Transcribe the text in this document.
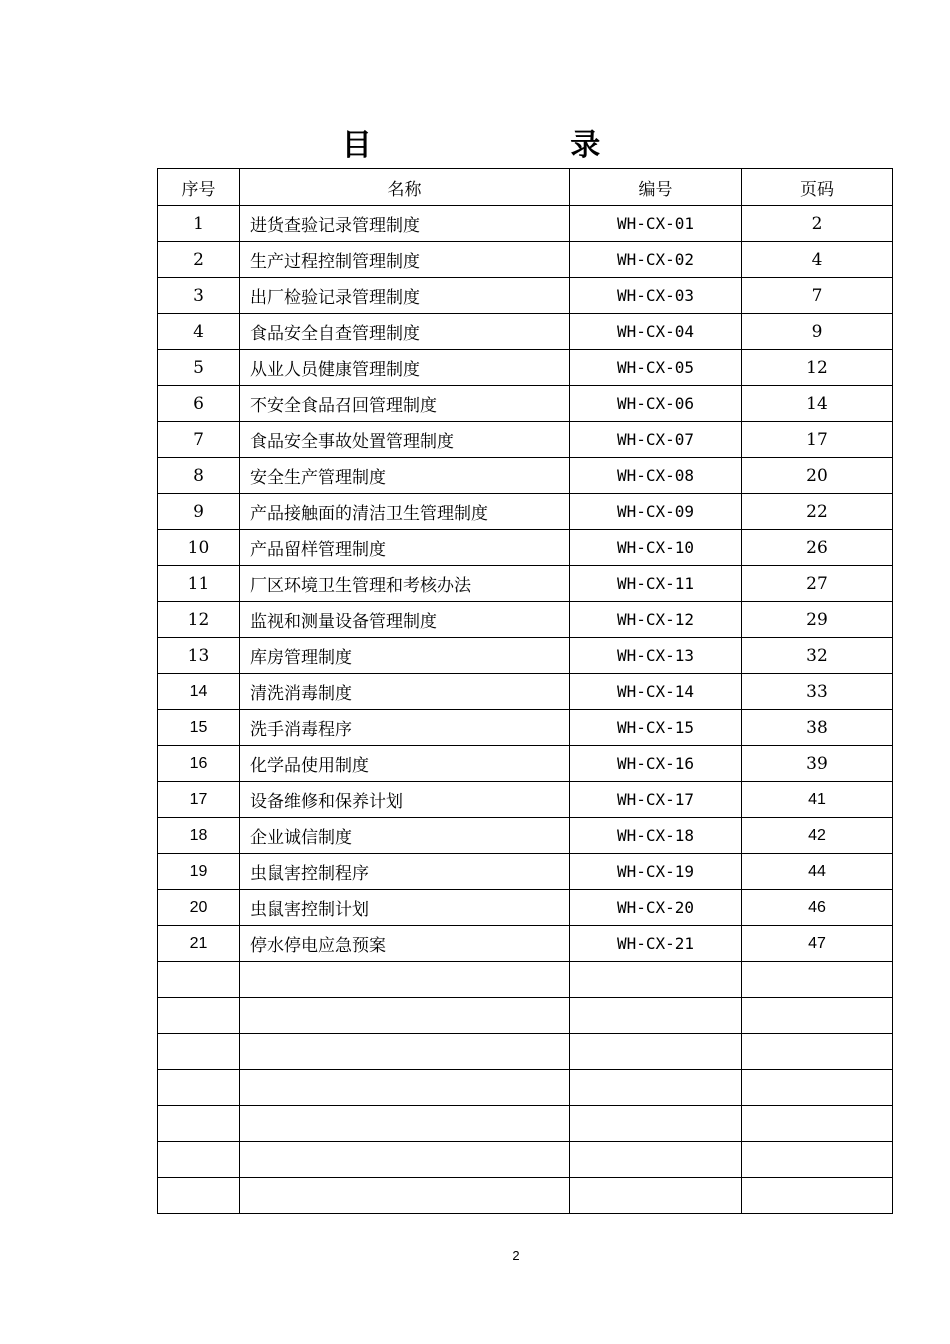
目 录
序号	名称	编号	页码
1	进货查验记录管理制度	WH-CX-01	2
2	生产过程控制管理制度	WH-CX-02	4
3	出厂检验记录管理制度	WH-CX-03	7
4	食品安全自查管理制度	WH-CX-04	9
5	从业人员健康管理制度	WH-CX-05	12
6	不安全食品召回管理制度	WH-CX-06	14
7	食品安全事故处置管理制度	WH-CX-07	17
8	安全生产管理制度	WH-CX-08	20
9	产品接触面的清洁卫生管理制度	WH-CX-09	22
10	产品留样管理制度	WH-CX-10	26
11	厂区环境卫生管理和考核办法	WH-CX-11	27
12	监视和测量设备管理制度	WH-CX-12	29
13	库房管理制度	WH-CX-13	32
14	清洗消毒制度	WH-CX-14	33
15	洗手消毒程序	WH-CX-15	38
16	化学品使用制度	WH-CX-16	39
17	设备维修和保养计划	WH-CX-17	41
18	企业诚信制度	WH-CX-18	42
19	虫鼠害控制程序	WH-CX-19	44
20	虫鼠害控制计划	WH-CX-20	46
21	停水停电应急预案	WH-CX-21	47

2
